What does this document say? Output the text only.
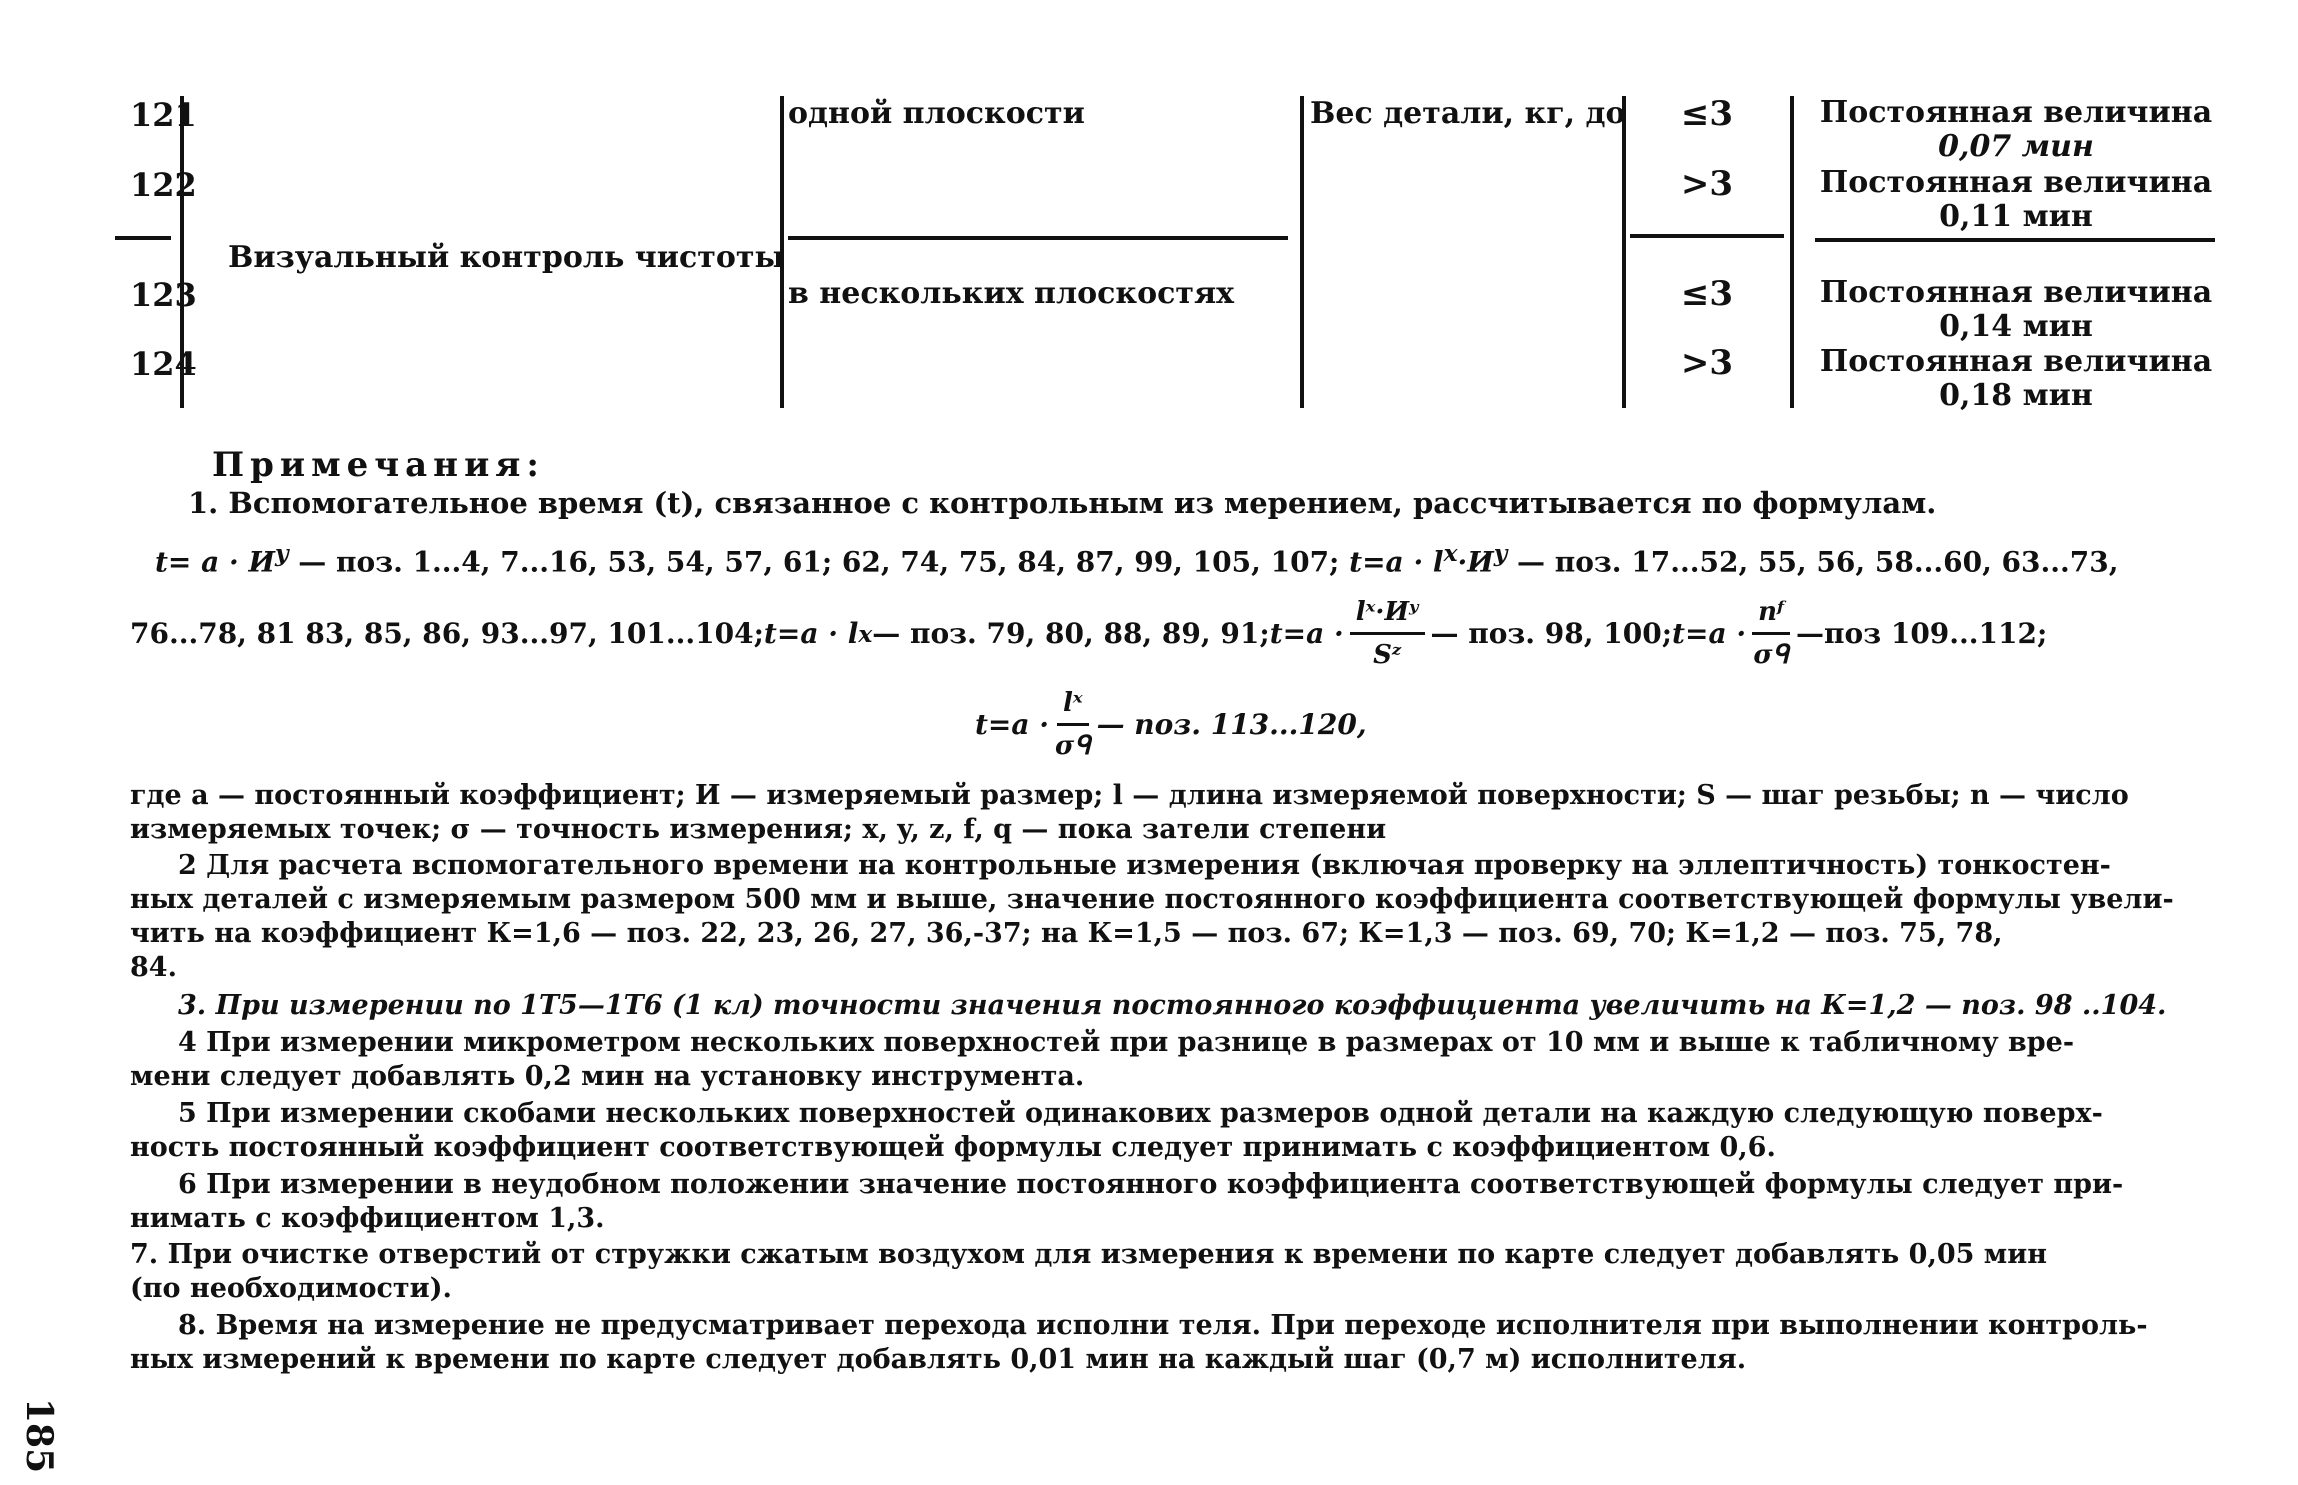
121
122
123
124
Визуальный контроль чистоты
одной плоскости
в нескольких плоскостях
Вес детали, кг, до	≤3
>3
≤3
>3
Постоянная величина
0,07 мин
Постоянная величина
0,11 мин
Постоянная величина
0,14 мин
Постоянная величина
0,18 мин
Примечания:
1. Вспомогательное время (t), связанное с контрольным из мерением, рассчитывается по формулам.
$t= a \cdot И^y$ — поз. 1...4, 7...16, 53, 54, 57, 61; 62, 74, 75, 84, 87, 99, 105, 107; $t=a \cdot l^x\cdot И^y$ — поз. 17...52, 55, 56, 58...60, 63...73,
76...78, 81 83, 85, 86, 93...97, 101...104; t=a · l x — поз. 79, 80, 88, 89, 91; $t=a \cdot \frac{\text{lˣ·Иʸ}}{\text{Sᶻ}}$ — поз. 98, 100; $t=a \cdot \frac{\text{nᶠ}}{\text{σᑫ}}$ —поз 109...112;
$t=a \cdot \frac{\text{lˣ}}{\text{σᑫ}}$ — поз. 113...120,
где a — постоянный коэффициент; И — измеряемый размер; l — длина измеряемой поверхности; S — шаг резьбы; n — число
измеряемых точек; σ — точность измерения; x, y, z, f, q — пока затели степени
2 Для расчета вспомогательного времени на контрольные измерения (включая проверку на эллептичность) тонкостен-
ных деталей с измеряемым размером 500 мм и выше, значение постоянного коэффициента соответствующей формулы увели-
чить на коэффициент К=1,6 — поз. 22, 23, 26, 27, 36,-37; на К=1,5 — поз. 67; К=1,3 — поз. 69, 70; К=1,2 — поз. 75, 78,
84.
3. При измерении по 1Т5—1Т6 (1 кл) точности значения постоянного коэффициента увеличить на К=1,2 — поз. 98 ..104.
4 При измерении микрометром нескольких поверхностей при разнице в размерах от 10 мм и выше к табличному вре-
мени следует добавлять 0,2 мин на установку инструмента.
5 При измерении скобами нескольких поверхностей одинакових размеров одной детали на каждую следующую поверх-
ность постоянный коэффициент соответствующей формулы следует принимать с коэффициентом 0,6.
6 При измерении в неудобном положении значение постоянного коэффициента соответствующей формулы следует при-
нимать с коэффициентом 1,3.
7. При очистке отверстий от стружки сжатым воздухом для измерения к времени по карте следует добавлять 0,05 мин
(по необходимости).
8. Время на измерение не предусматривает перехода исполни теля. При переходе исполнителя при выполнении контроль-
ных измерений к времени по карте следует добавлять 0,01 мин на каждый шаг (0,7 м) исполнителя.
185
